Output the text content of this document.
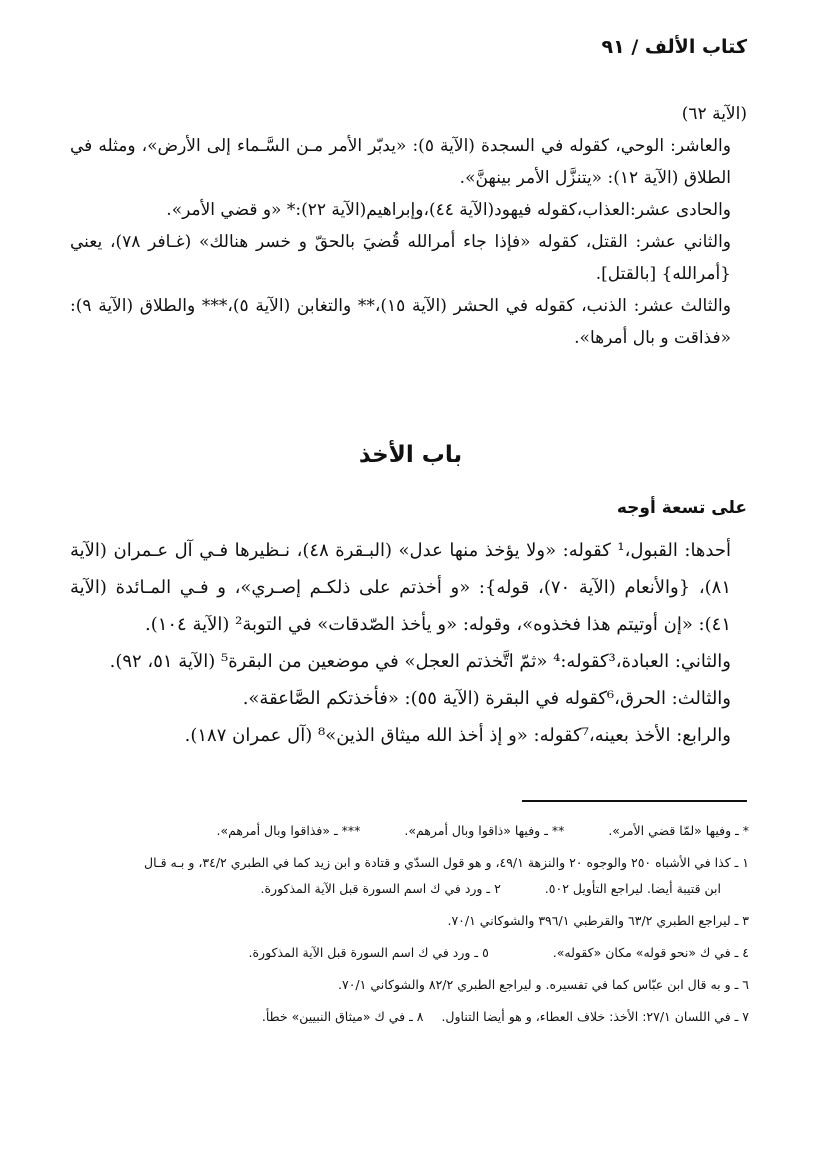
كتاب الألف / ٩١

(الآية ٦٢)

والعاشر: الوحي، كقوله في السجدة (الآية ٥): «يدبّر الأمر مـن السَّـماء إلى الأرض»، ومثله في الطلاق (الآية ١٢): «يتنزَّل الأمر بينهنَّ».

والحادى عشر:العذاب،كقوله فيهود(الآية ٤٤)،وإبراهيم(الآية ٢٢):* «و قضي الأمر».

والثاني عشر: القتل، كقوله «فإذا جاء أمرالله قُضيَ بالحقّ و خسر هنالك» (غـافر ٧٨)، يعني {أمرالله} [بالقتل].

والثالث عشر: الذنب، كقوله في الحشر (الآية ١٥)،** والتغابن (الآية ٥)،*** والطلاق (الآية ٩): «فذاقت و بال أمرها».

باب الأخذ
على تسعة أوجه

أحدها: القبول،¹ كقوله: «ولا يؤخذ منها عدل» (البـقرة ٤٨)، نـظيرها فـي آل عـمران (الآية ٨١)، {والأنعام (الآية ٧٠)، قوله}: «و أخذتم على ذلكـم إصـري»، و فـي المـائدة (الآية ٤١): «إن أوتيتم هذا فخذوه»، وقوله: «و يأخذ الصّدقات» في التوبة² (الآية ١٠٤).

والثاني: العبادة،³كقوله:⁴ «ثمّ اتَّخذتم العجل» في موضعين من البقرة⁵ (الآية ٥١، ٩٢).

والثالث: الحرق،⁶كقوله في البقرة (الآية ٥٥): «فأخذتكم الصَّاعقة».

والرابع: الأخذ بعينه،⁷كقوله: «و إذ أخذ الله ميثاق الذين»⁸ (آل عمران ١٨٧).

* ـ وفيها «لمّا قضي الأمر». ** ـ وفيها «ذاقوا وبال أمرهم». *** ـ «فذاقوا وبال أمرهم».

١ ـ كذا في الأشباه ٢٥٠ والوجوه ٢٠ والنزهة ٤٩/١، و هو قول السدّي و قتادة و ابن زيد كما في الطبري ٣٤/٢، و بـه قـال

ابن قتيبة أيضا. ليراجع التأويل ٥٠٢. ٢ ـ ورد في ك اسم السورة قبل الآية المذكورة.

٣ ـ ليراجع الطبري ٦٣/٢ والقرطبي ٣٩٦/١ والشوكاني ٧٠/١.

٤ ـ في ك «نحو قوله» مكان «كقوله». ٥ ـ ورد في ك اسم السورة قبل الآية المذكورة.

٦ ـ و به قال ابن عبّاس كما في تفسيره. و ليراجع الطبري ٨٢/٢ والشوكاني ٧٠/١.

٧ ـ في اللسان ٢٧/١: الأخذ: خلاف العطاء، و هو أيضا التناول. ٨ ـ في ك «ميثاق النبيين» خطأ.
